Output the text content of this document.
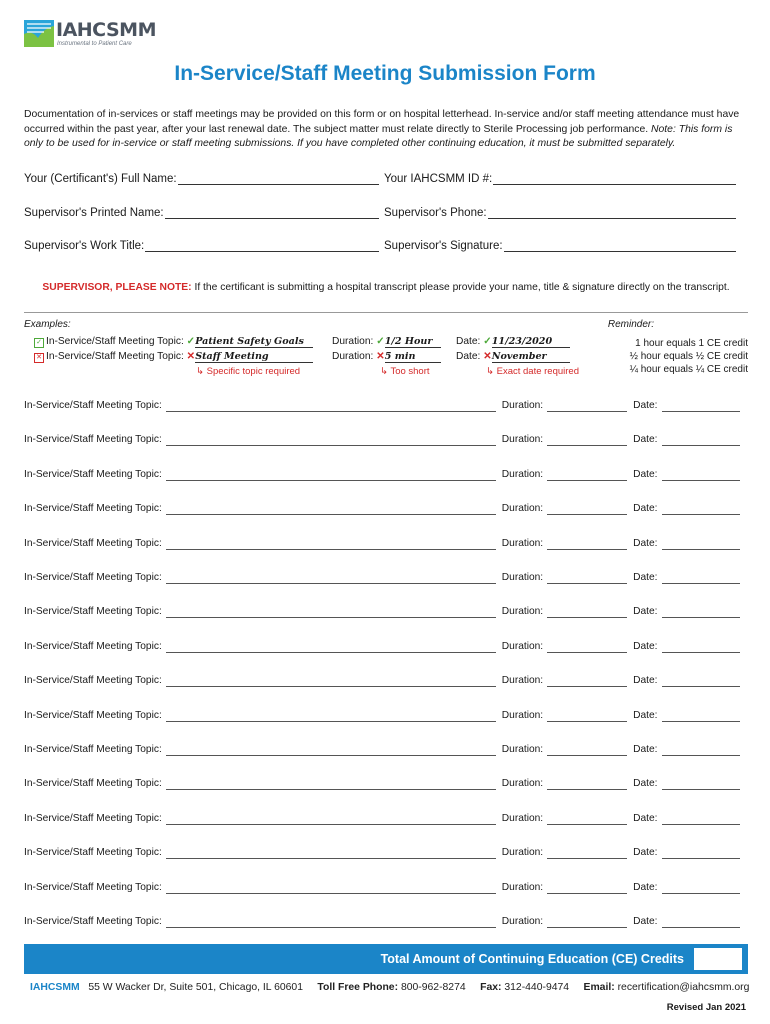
IAHCSMM
Instrumental to Patient Care
In-Service/Staff Meeting Submission Form
Documentation of in-services or staff meetings may be provided on this form or on hospital letterhead. In-service and/or staff meeting attendance must have occurred within the past year, after your last renewal date. The subject matter must relate directly to Sterile Processing job performance. Note: This form is only to be used for in-service or staff meeting submissions. If you have completed other continuing education, it must be submitted separately.
Your (Certificant's) Full Name:	Your IAHCSMM ID #:
Supervisor's Printed Name:	Supervisor's Phone:
Supervisor's Work Title:	Supervisor's Signature:
SUPERVISOR, PLEASE NOTE: If the certificant is submitting a hospital transcript please provide your name, title & signature directly on the transcript.
Examples:	Reminder:
1 hour equals 1 CE credit
½ hour equals ½ CE credit
¼ hour equals ¼ CE credit
✓ In-Service/Staff Meeting Topic: ✓Patient Safety Goals	Duration: ✓1/2 Hour	Date: ✓11/23/2020
✕ In-Service/Staff Meeting Topic: ✕Staff Meeting	Duration: ✕5 min	Date: ✕November
↳ Specific topic required	↳ Too short	↳ Exact date required
In-Service/Staff Meeting Topic:	Duration:	Date:
In-Service/Staff Meeting Topic:	Duration:	Date:
In-Service/Staff Meeting Topic:	Duration:	Date:
In-Service/Staff Meeting Topic:	Duration:	Date:
In-Service/Staff Meeting Topic:	Duration:	Date:
In-Service/Staff Meeting Topic:	Duration:	Date:
In-Service/Staff Meeting Topic:	Duration:	Date:
In-Service/Staff Meeting Topic:	Duration:	Date:
In-Service/Staff Meeting Topic:	Duration:	Date:
In-Service/Staff Meeting Topic:	Duration:	Date:
In-Service/Staff Meeting Topic:	Duration:	Date:
In-Service/Staff Meeting Topic:	Duration:	Date:
In-Service/Staff Meeting Topic:	Duration:	Date:
In-Service/Staff Meeting Topic:	Duration:	Date:
In-Service/Staff Meeting Topic:	Duration:	Date:
In-Service/Staff Meeting Topic:	Duration:	Date:
Total Amount of Continuing Education (CE) Credits
IAHCSMM 55 W Wacker Dr, Suite 501, Chicago, IL 60601 Toll Free Phone: 800-962-8274 Fax: 312-440-9474 Email: recertification@iahcsmm.org
Revised Jan 2021
